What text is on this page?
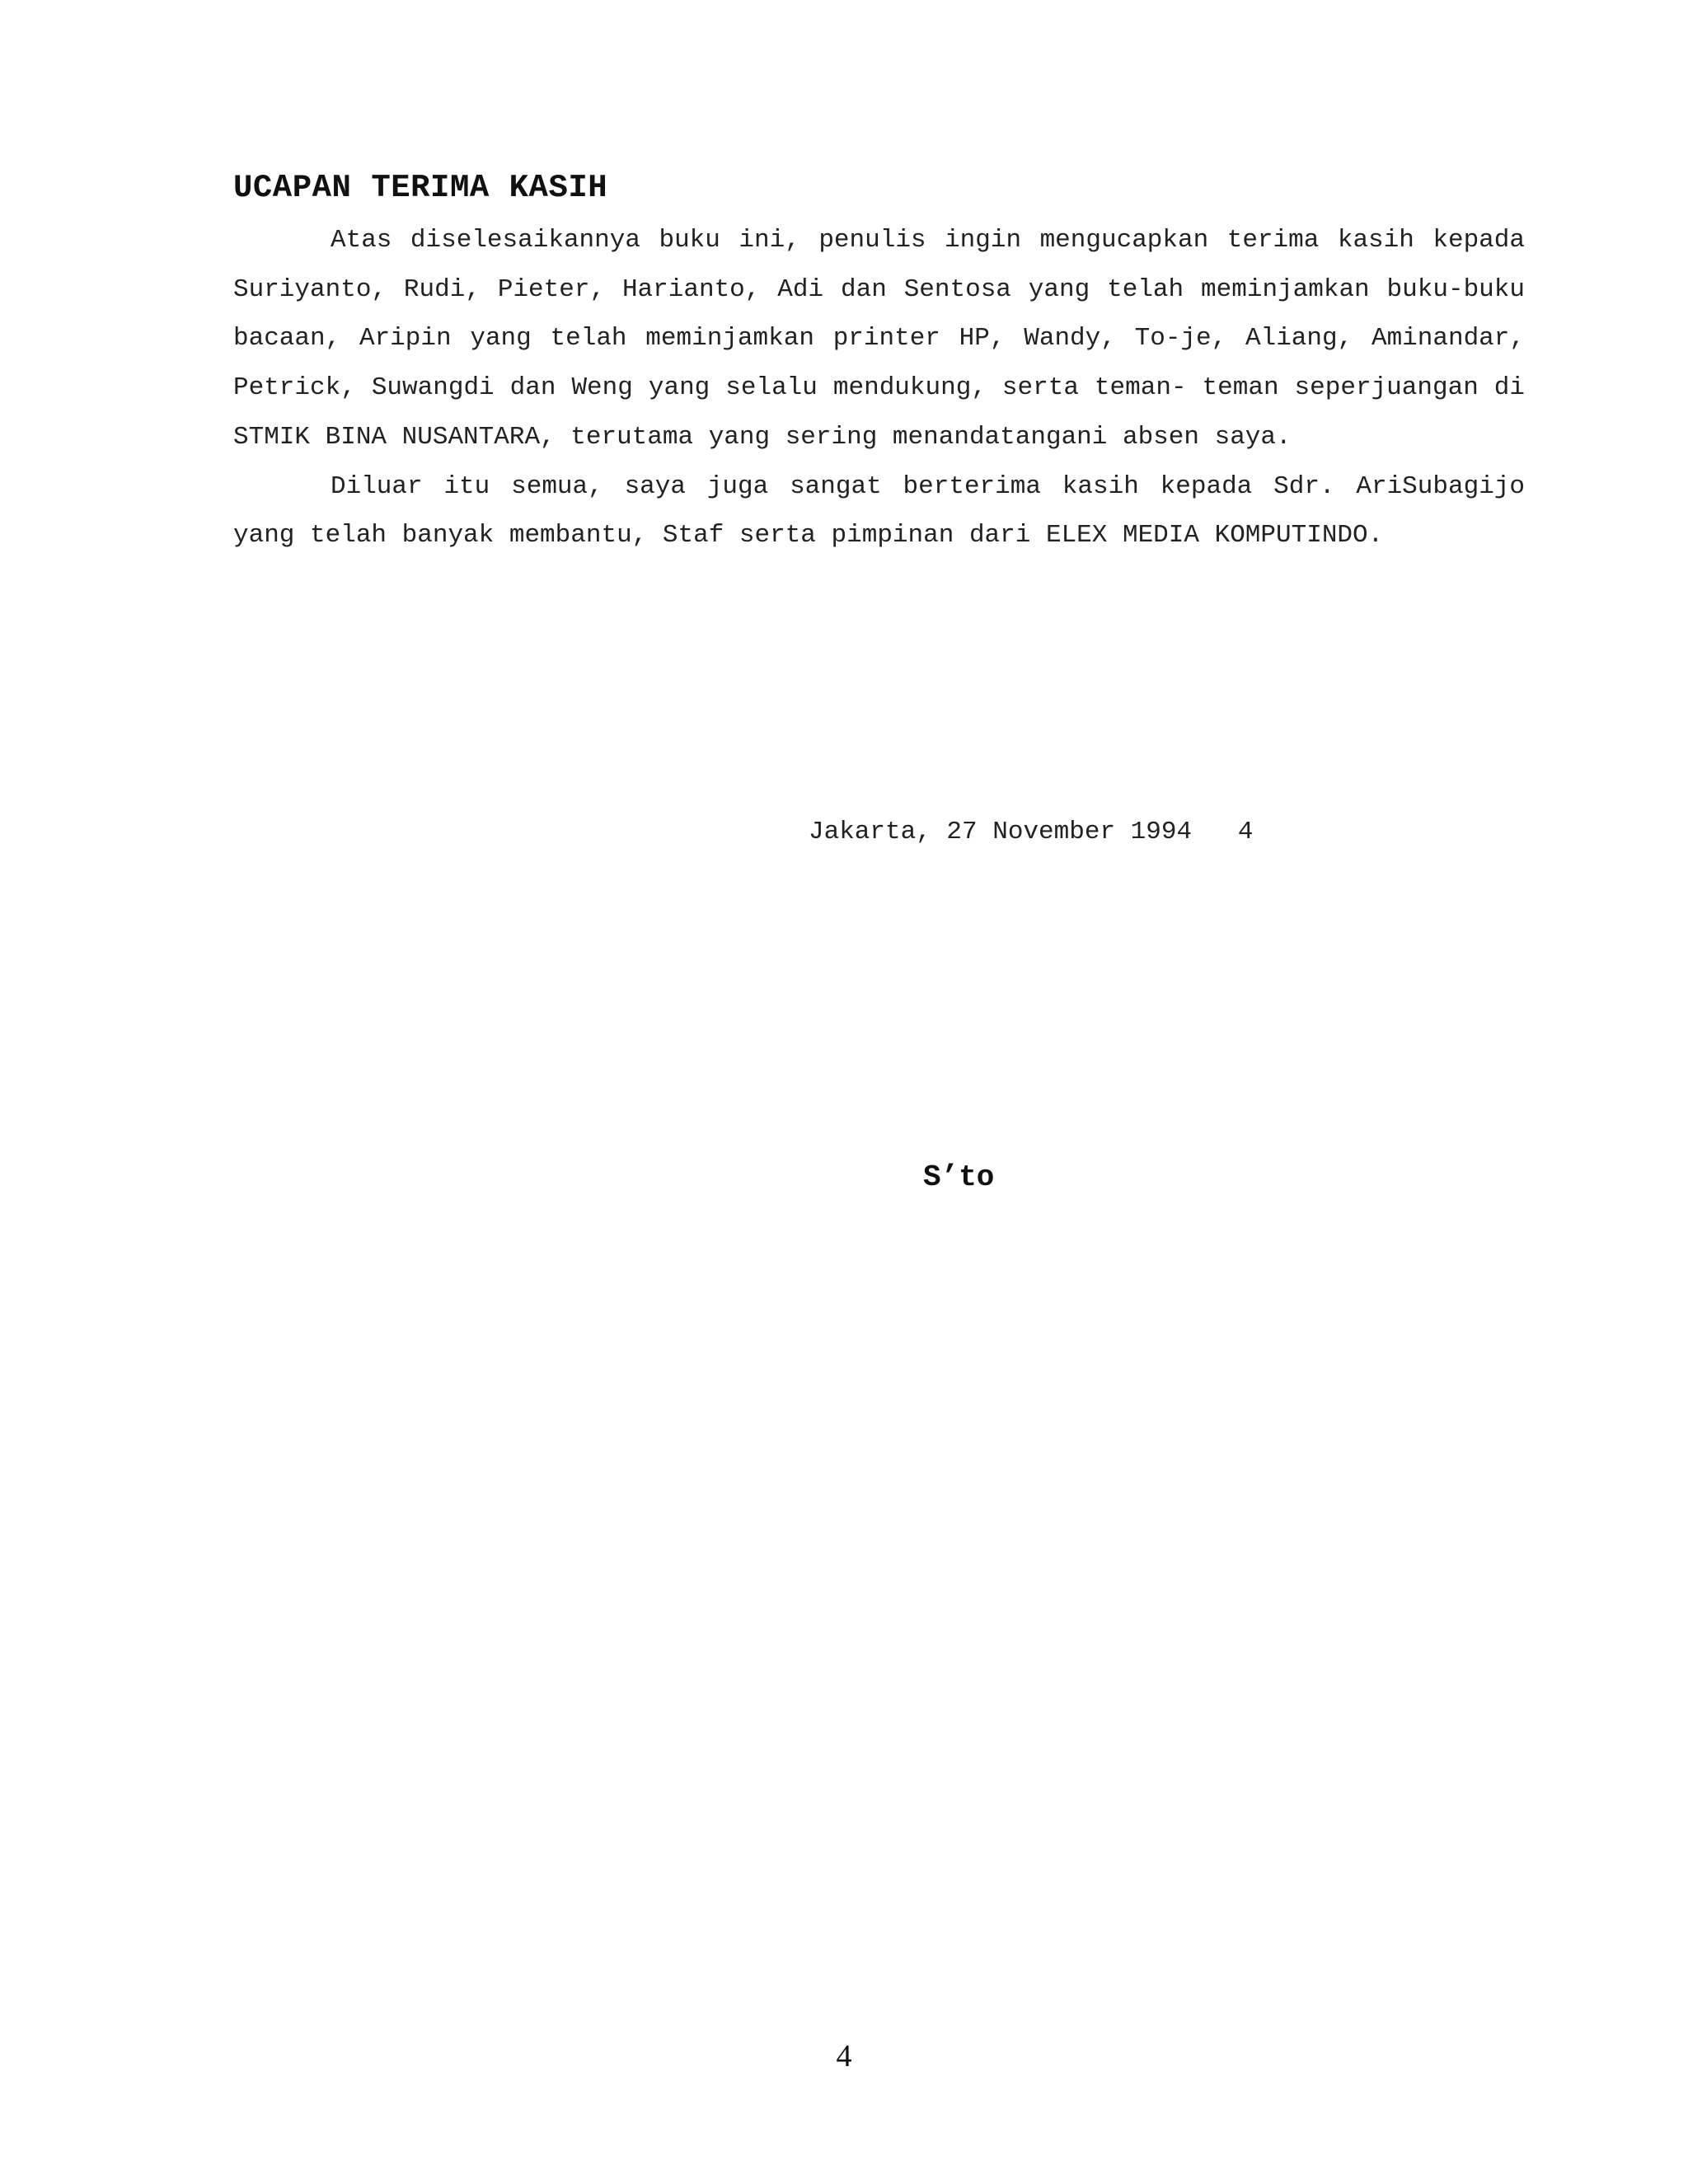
UCAPAN TERIMA KASIH

Atas diselesaikannya buku ini, penulis ingin mengucapkan terima kasih kepada Suriyanto, Rudi, Pieter, Harianto, Adi dan Sentosa yang telah meminjamkan buku-buku bacaan, Aripin yang telah meminjamkan printer HP, Wandy, To-je, Aliang, Aminandar, Petrick, Suwangdi dan Weng yang selalu mendukung, serta teman- teman seperjuangan di STMIK BINA NUSANTARA, terutama yang sering menandatangani absen saya.

Diluar itu semua, saya juga sangat berterima kasih kepada Sdr. AriSubagijo yang telah banyak membantu, Staf serta pimpinan dari ELEX MEDIA KOMPUTINDO.

Jakarta, 27 November 1994   4
S’to
4
